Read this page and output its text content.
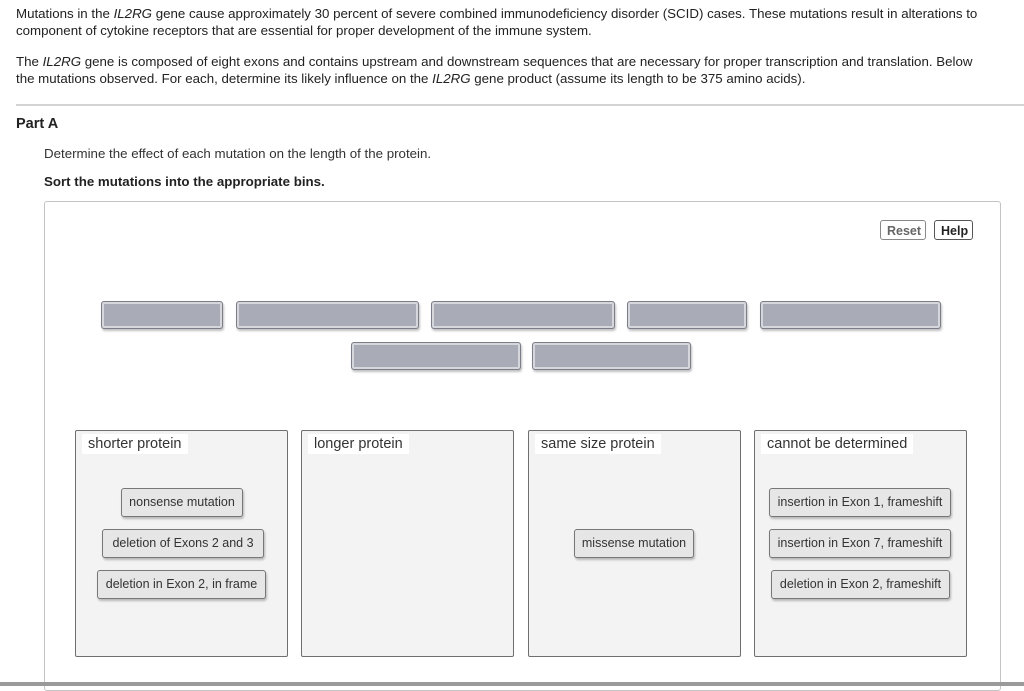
Mutations in the IL2RG gene cause approximately 30 percent of severe combined immunodeficiency disorder (SCID) cases. These mutations result in alterations to
component of cytokine receptors that are essential for proper development of the immune system.
The IL2RG gene is composed of eight exons and contains upstream and downstream sequences that are necessary for proper transcription and translation. Below
the mutations observed. For each, determine its likely influence on the IL2RG gene product (assume its length to be 375 amino acids).
Part A
Determine the effect of each mutation on the length of the protein.
Sort the mutations into the appropriate bins.
Reset	Help
shorter protein	longer protein	same size protein	cannot be determined
nonsense mutation
deletion of Exons 2 and 3
deletion in Exon 2, in frame
missense mutation
insertion in Exon 1, frameshift
insertion in Exon 7, frameshift
deletion in Exon 2, frameshift
